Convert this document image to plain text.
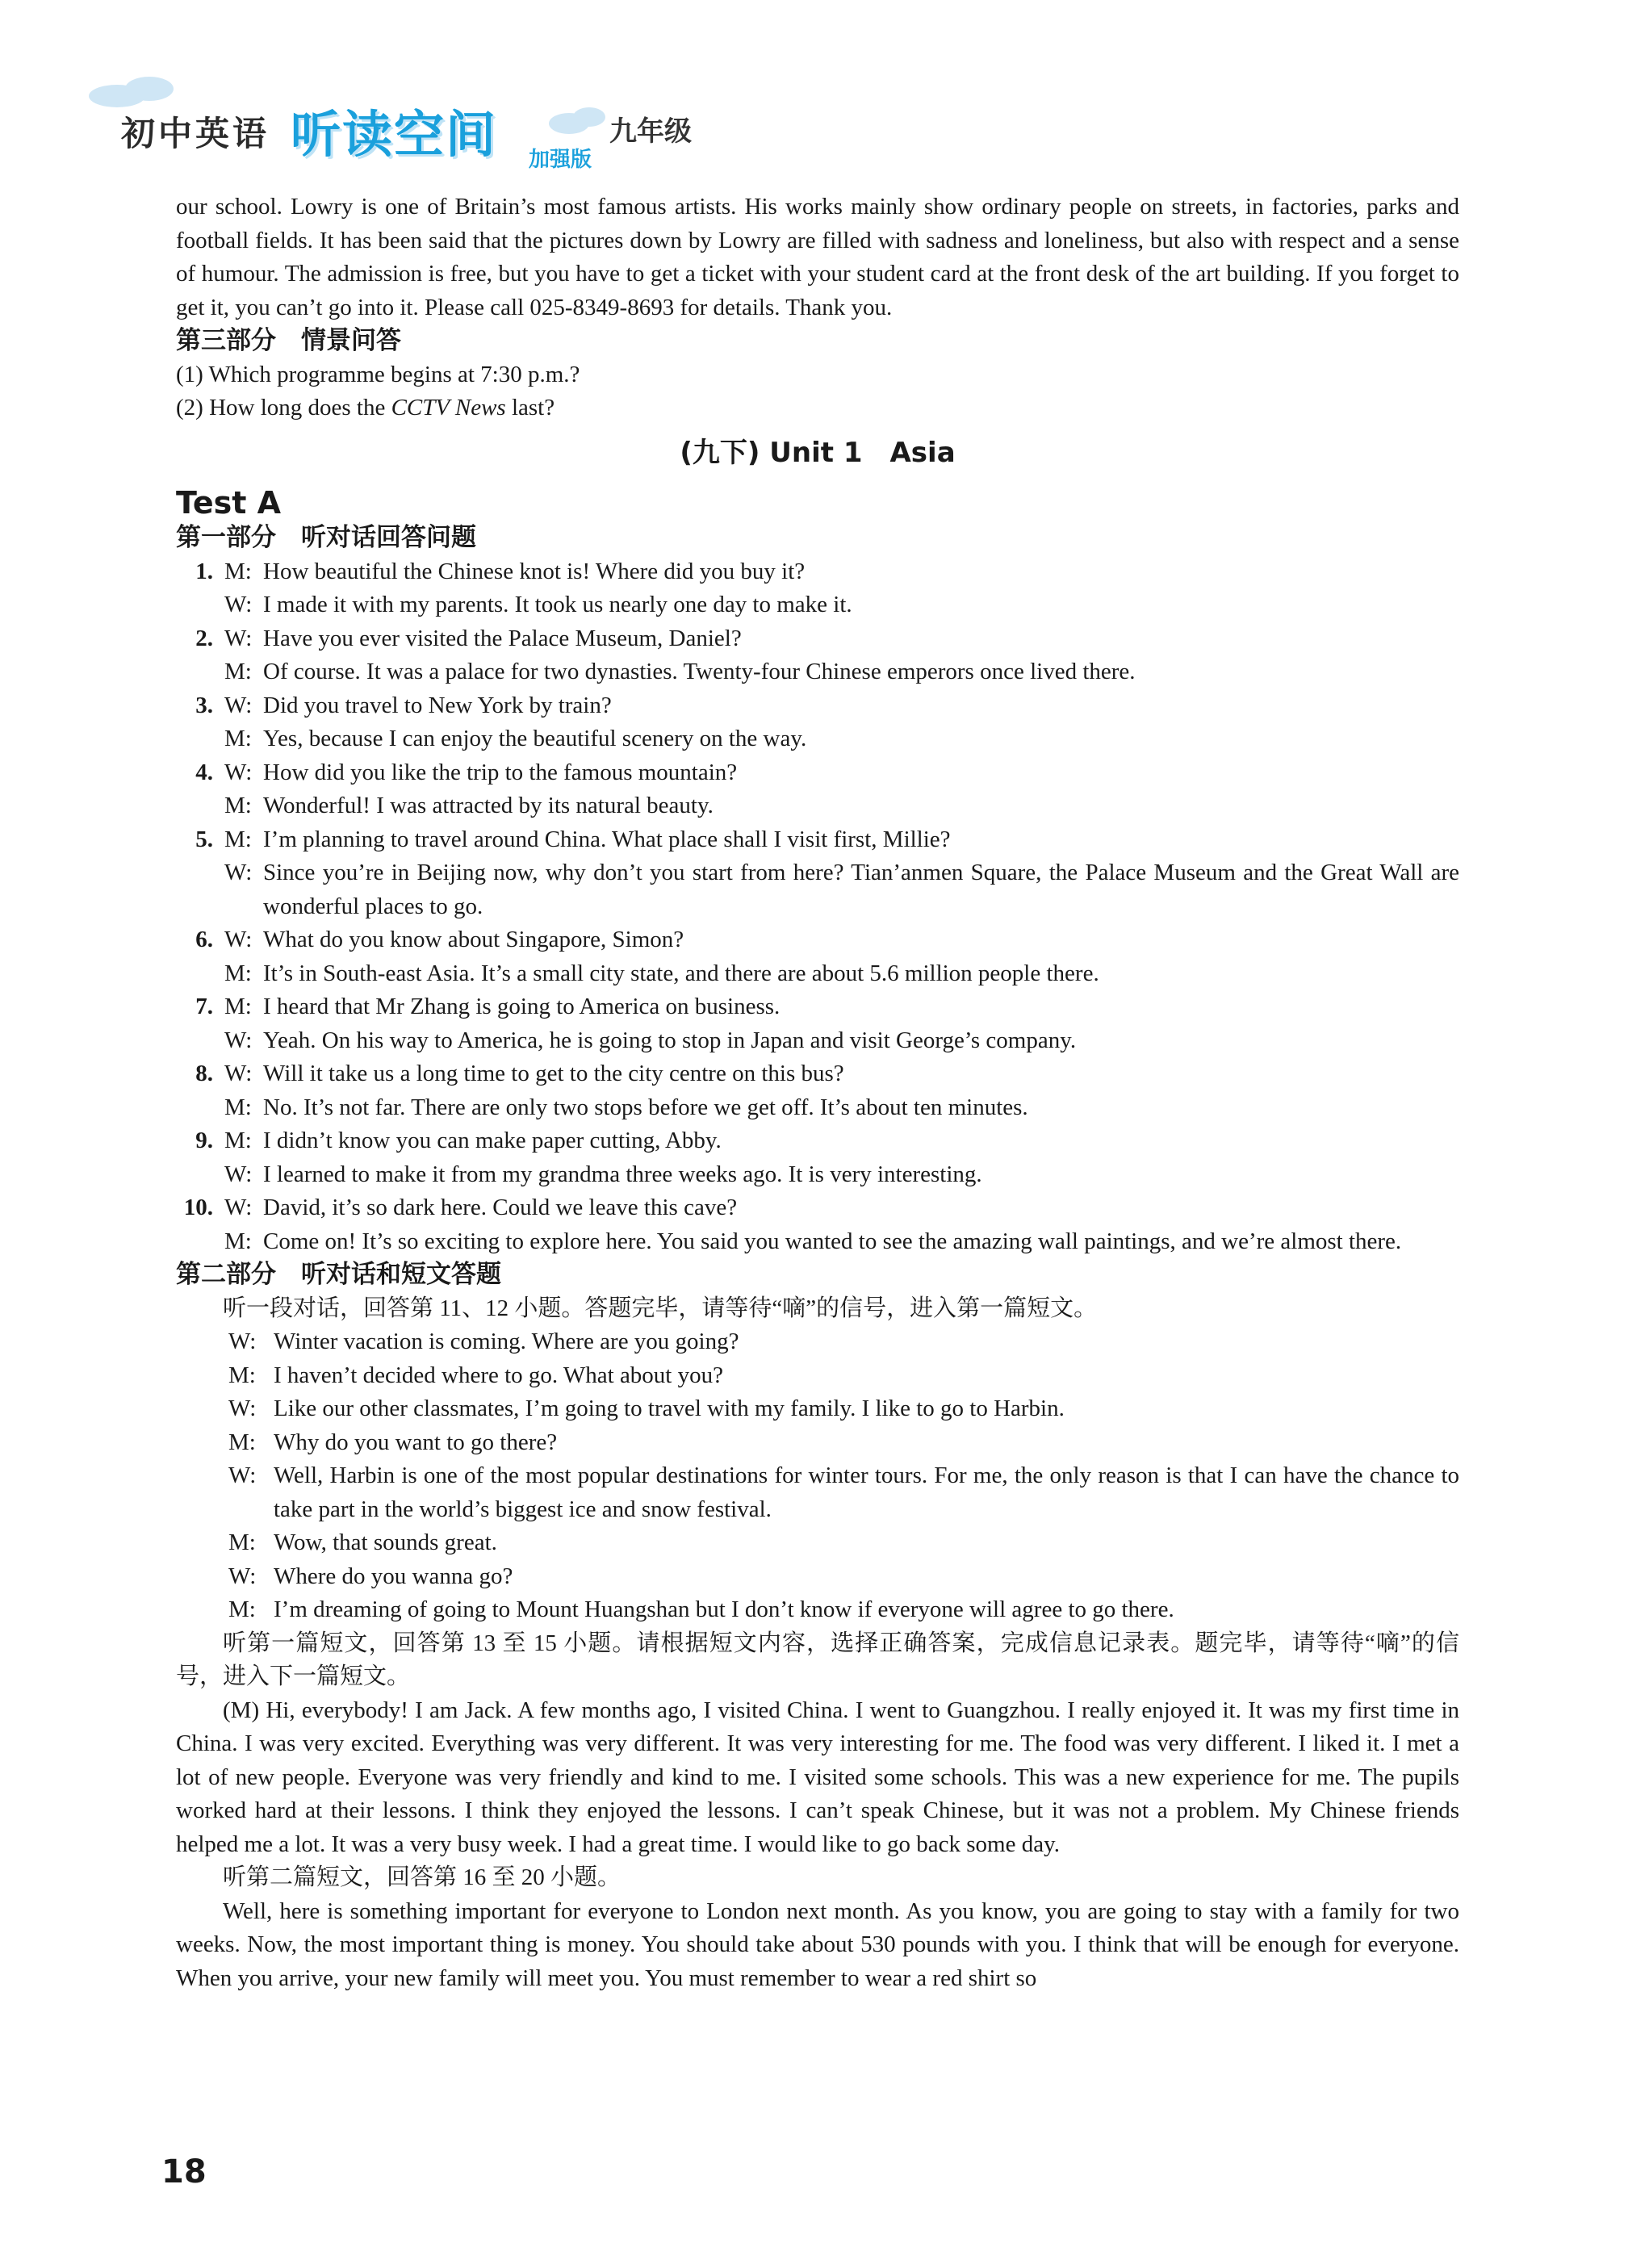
初中英语 听读空间 加强版
九年级

our school. Lowry is one of Britain’s most famous artists. His works mainly show ordinary people on streets, in factories, parks and football fields. It has been said that the pictures down by Lowry are filled with sadness and loneliness, but also with respect and a sense of humour. The admission is free, but you have to get a ticket with your student card at the front desk of the art building. If you forget to get it, you can’t go into it. Please call 025-8349-8693 for details. Thank you.

第三部分　情景问答

(1) Which programme begins at 7:30 p.m.?

(2) How long does the CCTV News last?

(九下) Unit 1　Asia
Test A
第一部分　听对话回答问题
1. M: How beautiful the Chinese knot is! Where did you buy it?
W: I made it with my parents. It took us nearly one day to make it.
2. W: Have you ever visited the Palace Museum, Daniel?
M: Of course. It was a palace for two dynasties. Twenty-four Chinese emperors once lived there.
3. W: Did you travel to New York by train?
M: Yes, because I can enjoy the beautiful scenery on the way.
4. W: How did you like the trip to the famous mountain?
M: Wonderful! I was attracted by its natural beauty.
5. M: I’m planning to travel around China. What place shall I visit first, Millie?
W: Since you’re in Beijing now, why don’t you start from here? Tian’anmen Square, the Palace Museum and the Great Wall are wonderful places to go.
6. W: What do you know about Singapore, Simon?
M: It’s in South-east Asia. It’s a small city state, and there are about 5.6 million people there.
7. M: I heard that Mr Zhang is going to America on business.
W: Yeah. On his way to America, he is going to stop in Japan and visit George’s company.
8. W: Will it take us a long time to get to the city centre on this bus?
M: No. It’s not far. There are only two stops before we get off. It’s about ten minutes.
9. M: I didn’t know you can make paper cutting, Abby.
W: I learned to make it from my grandma three weeks ago. It is very interesting.
10. W: David, it’s so dark here. Could we leave this cave?
M: Come on! It’s so exciting to explore here. You said you wanted to see the amazing wall paintings, and we’re almost there.
第二部分　听对话和短文答题

听一段对话，回答第 11、12 小题。答题完毕，请等待“嘀”的信号，进入第一篇短文。

W: Winter vacation is coming. Where are you going?
M: I haven’t decided where to go. What about you?
W: Like our other classmates, I’m going to travel with my family. I like to go to Harbin.
M: Why do you want to go there?
W: Well, Harbin is one of the most popular destinations for winter tours. For me, the only reason is that I can have the chance to take part in the world’s biggest ice and snow festival.
M: Wow, that sounds great.
W: Where do you wanna go?
M: I’m dreaming of going to Mount Huangshan but I don’t know if everyone will agree to go there.

听第一篇短文，回答第 13 至 15 小题。请根据短文内容，选择正确答案，完成信息记录表。题完毕，请等待“嘀”的信号，进入下一篇短文。

(M) Hi, everybody! I am Jack. A few months ago, I visited China. I went to Guangzhou. I really enjoyed it. It was my first time in China. I was very excited. Everything was very different. It was very interesting for me. The food was very different. I liked it. I met a lot of new people. Everyone was very friendly and kind to me. I visited some schools. This was a new experience for me. The pupils worked hard at their lessons. I think they enjoyed the lessons. I can’t speak Chinese, but it was not a problem. My Chinese friends helped me a lot. It was a very busy week. I had a great time. I would like to go back some day.

听第二篇短文，回答第 16 至 20 小题。

Well, here is something important for everyone to London next month. As you know, you are going to stay with a family for two weeks. Now, the most important thing is money. You should take about 530 pounds with you. I think that will be enough for everyone. When you arrive, your new family will meet you. You must remember to wear a red shirt so

18
